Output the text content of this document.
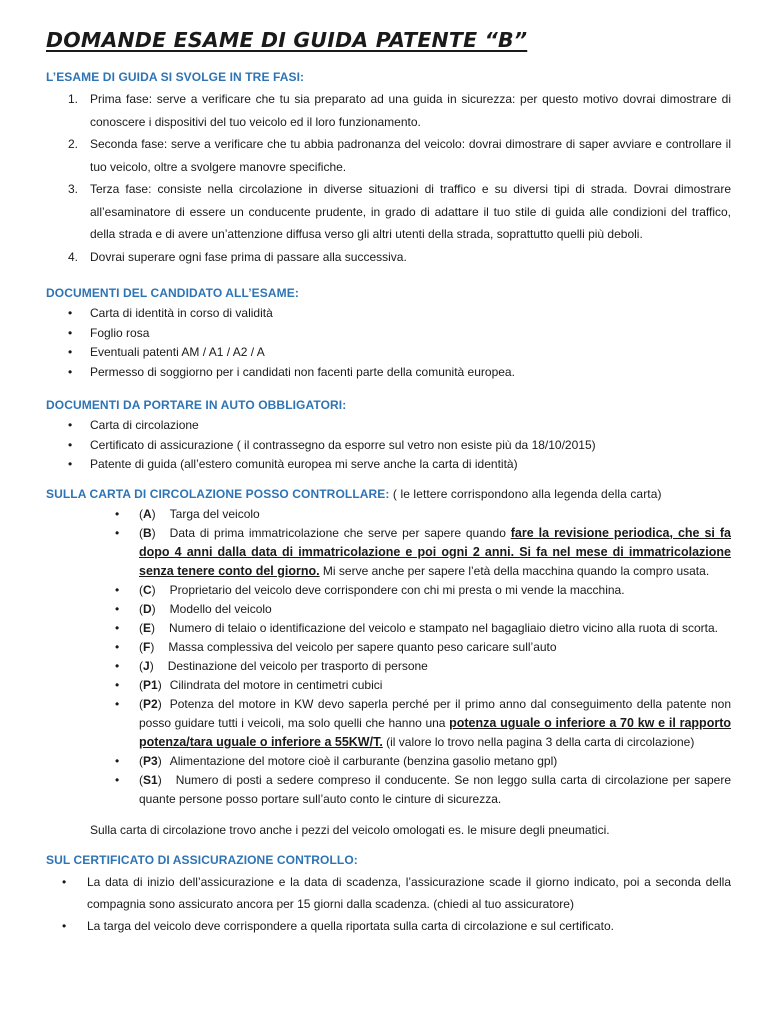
DOMANDE ESAME DI GUIDA PATENTE “B”
L’ESAME DI GUIDA SI SVOLGE IN TRE FASI:
1. Prima fase: serve a verificare che tu sia preparato ad una guida in sicurezza: per questo motivo dovrai dimostrare di conoscere i dispositivi del tuo veicolo ed il loro funzionamento.
2. Seconda fase: serve a verificare che tu abbia padronanza del veicolo: dovrai dimostrare di saper avviare e controllare il tuo veicolo, oltre a svolgere manovre specifiche.
3. Terza fase: consiste nella circolazione in diverse situazioni di traffico e su diversi tipi di strada. Dovrai dimostrare all’esaminatore di essere un conducente prudente, in grado di adattare il tuo stile di guida alle condizioni del traffico, della strada e di avere un’attenzione diffusa verso gli altri utenti della strada, soprattutto quelli più deboli.
4. Dovrai superare ogni fase prima di passare alla successiva.
DOCUMENTI DEL CANDIDATO ALL’ESAME:
• Carta di identità in corso di validità
• Foglio rosa
• Eventuali patenti AM / A1 / A2 / A
• Permesso di soggiorno per i candidati non facenti parte della comunità europea.
DOCUMENTI DA PORTARE IN AUTO OBBLIGATORI:
• Carta di circolazione
• Certificato di assicurazione ( il contrassegno da esporre sul vetro non esiste più da 18/10/2015)
• Patente di guida (all’estero comunità europea mi serve anche la carta di identità)
SULLA CARTA DI CIRCOLAZIONE POSSO CONTROLLARE: ( le lettere corrispondono alla legenda della carta)
• (A) Targa del veicolo
• (B) Data di prima immatricolazione che serve per sapere quando fare la revisione periodica, che si fa dopo 4 anni dalla data di immatricolazione e poi ogni 2 anni. Si fa nel mese di immatricolazione senza tenere conto del giorno. Mi serve anche per sapere l’età della macchina quando la compro usata.
• (C) Proprietario del veicolo deve corrispondere con chi mi presta o mi vende la macchina.
• (D) Modello del veicolo
• (E) Numero di telaio o identificazione del veicolo e stampato nel bagagliaio dietro vicino alla ruota di scorta.
• (F) Massa complessiva del veicolo per sapere quanto peso caricare sull’auto
• (J) Destinazione del veicolo per trasporto di persone
• (P1) Cilindrata del motore in centimetri cubici
• (P2) Potenza del motore in KW devo saperla perché per il primo anno dal conseguimento della patente non posso guidare tutti i veicoli, ma solo quelli che hanno una potenza uguale o inferiore a 70 kw e il rapporto potenza/tara uguale o inferiore a 55KW/T. (il valore lo trovo nella pagina 3 della carta di circolazione)
• (P3) Alimentazione del motore cioè il carburante (benzina gasolio metano gpl)
• (S1) Numero di posti a sedere compreso il conducente. Se non leggo sulla carta di circolazione per sapere quante persone posso portare sull’auto conto le cinture di sicurezza.
Sulla carta di circolazione trovo anche i pezzi del veicolo omologati es. le misure degli pneumatici.
SUL CERTIFICATO DI ASSICURAZIONE CONTROLLO:
• La data di inizio dell’assicurazione e la data di scadenza, l’assicurazione scade il giorno indicato, poi a seconda della compagnia sono assicurato ancora per 15 giorni dalla scadenza. (chiedi al tuo assicuratore)
• La targa del veicolo deve corrispondere a quella riportata sulla carta di circolazione e sul certificato.
